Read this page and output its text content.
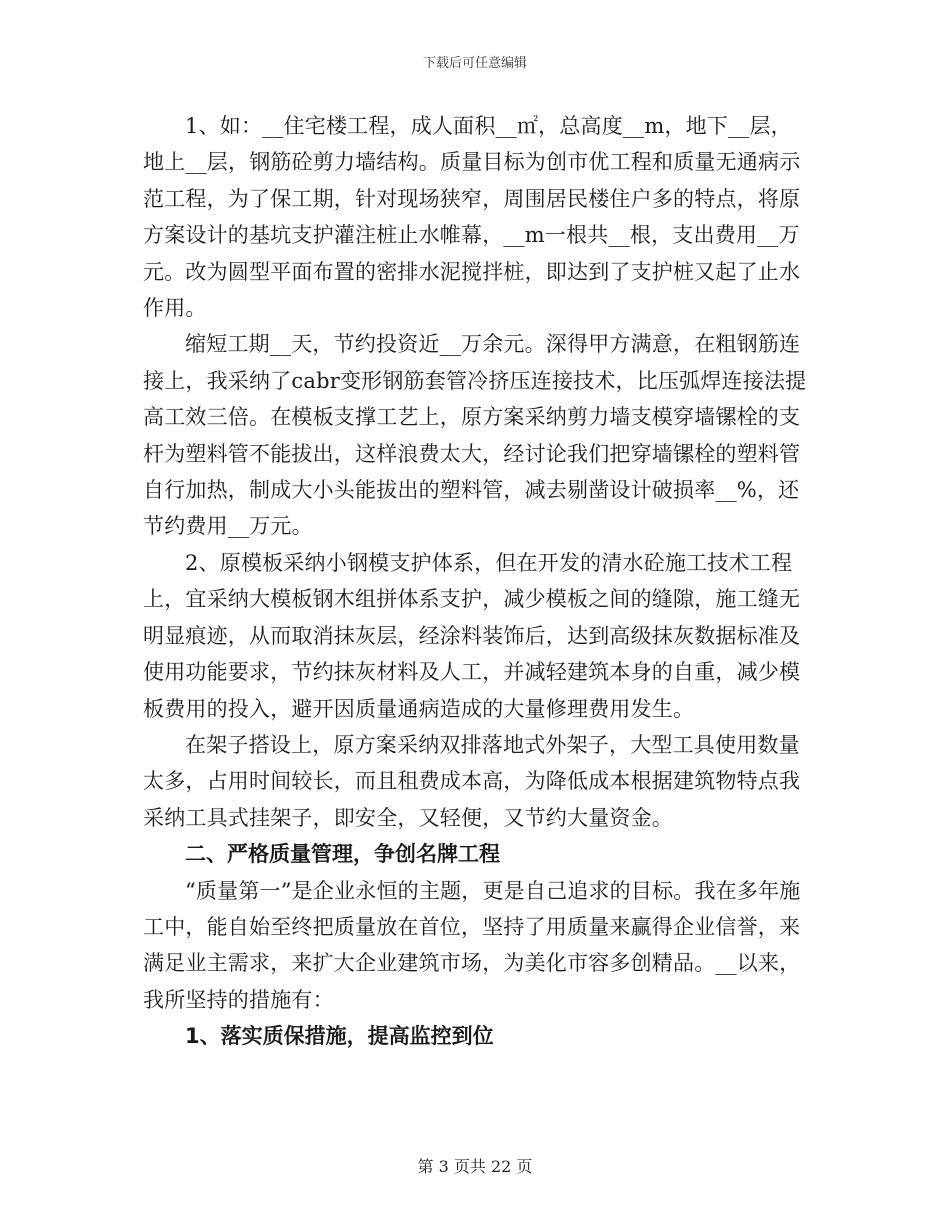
下载后可任意编辑

1、如：__住宅楼工程，成人面积__㎡，总高度__m，地下__层，地上__层，钢筋砼剪力墙结构。质量目标为创市优工程和质量无通病示范工程，为了保工期，针对现场狭窄，周围居民楼住户多的特点，将原方案设计的基坑支护灌注桩止水帷幕，__m一根共__根，支出费用__万元。改为圆型平面布置的密排水泥搅拌桩，即达到了支护桩又起了止水作用。

缩短工期__天，节约投资近__万余元。深得甲方满意，在粗钢筋连接上，我采纳了cabr变形钢筋套管冷挤压连接技术，比压弧焊连接法提高工效三倍。在模板支撑工艺上，原方案采纳剪力墙支模穿墙镙栓的支杆为塑料管不能拔出，这样浪费太大，经讨论我们把穿墙镙栓的塑料管自行加热，制成大小头能拔出的塑料管，减去剔凿设计破损率__%，还节约费用__万元。

2、原模板采纳小钢模支护体系，但在开发的清水砼施工技术工程上，宜采纳大模板钢木组拼体系支护，减少模板之间的缝隙，施工缝无明显痕迹，从而取消抹灰层，经涂料装饰后，达到高级抹灰数据标准及使用功能要求，节约抹灰材料及人工，并减轻建筑本身的自重，减少模板费用的投入，避开因质量通病造成的大量修理费用发生。

在架子搭设上，原方案采纳双排落地式外架子，大型工具使用数量太多，占用时间较长，而且租费成本高，为降低成本根据建筑物特点我采纳工具式挂架子，即安全，又轻便，又节约大量资金。

二、严格质量管理，争创名牌工程

“质量第一”是企业永恒的主题，更是自己追求的目标。我在多年施工中，能自始至终把质量放在首位，坚持了用质量来赢得企业信誉，来满足业主需求，来扩大企业建筑市场，为美化市容多创精品。__以来，我所坚持的措施有：

1、落实质保措施，提高监控到位

第 3 页共 22 页
